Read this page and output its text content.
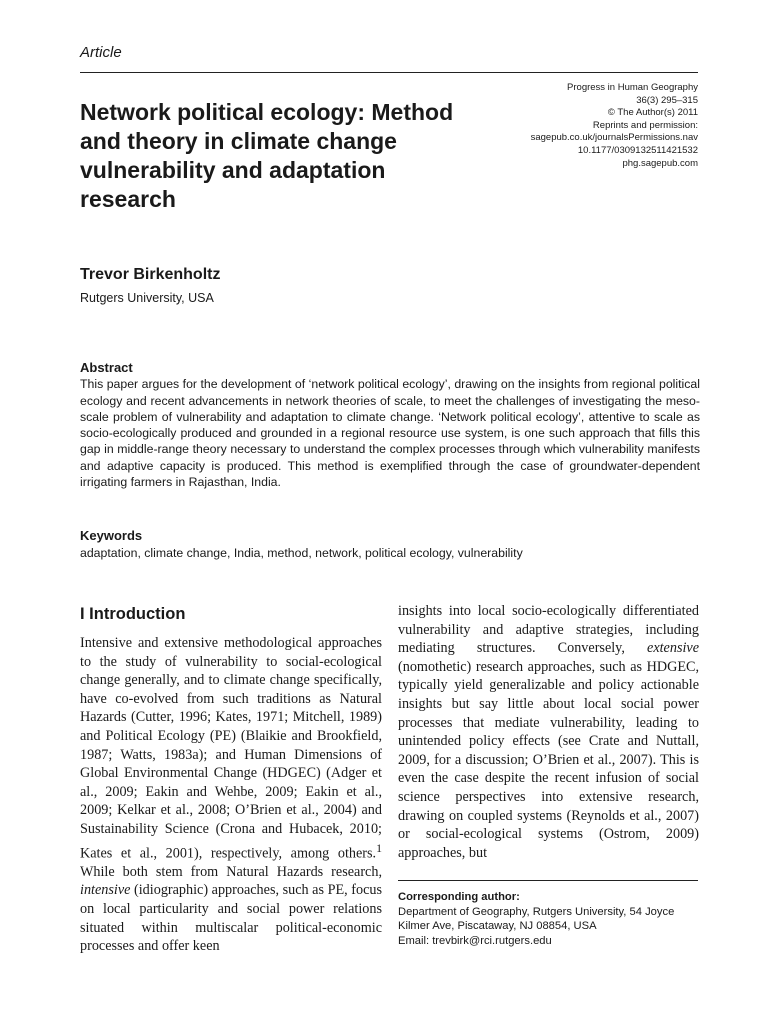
Article
Progress in Human Geography
36(3) 295–315
© The Author(s) 2011
Reprints and permission:
sagepub.co.uk/journalsPermissions.nav
10.1177/0309132511421532
phg.sagepub.com
Network political ecology: Method and theory in climate change vulnerability and adaptation research
Trevor Birkenholtz
Rutgers University, USA
Abstract

This paper argues for the development of ‘network political ecology’, drawing on the insights from regional political ecology and recent advancements in network theories of scale, to meet the challenges of investigating the meso-scale problem of vulnerability and adaptation to climate change. ‘Network political ecology’, attentive to scale as socio-ecologically produced and grounded in a regional resource use system, is one such approach that fills this gap in middle-range theory necessary to understand the complex processes through which vulnerability manifests and adaptive capacity is produced. This method is exemplified through the case of groundwater-dependent irrigating farmers in Rajasthan, India.

Keywords
adaptation, climate change, India, method, network, political ecology, vulnerability
I Introduction

Intensive and extensive methodological approaches to the study of vulnerability to social-ecological change generally, and to climate change specifically, have co-evolved from such traditions as Natural Hazards (Cutter, 1996; Kates, 1971; Mitchell, 1989) and Political Ecology (PE) (Blaikie and Brookfield, 1987; Watts, 1983a); and Human Dimensions of Global Environmental Change (HDGEC) (Adger et al., 2009; Eakin and Wehbe, 2009; Eakin et al., 2009; Kelkar et al., 2008; O’Brien et al., 2004) and Sustainability Science (Crona and Hubacek, 2010; Kates et al., 2001), respectively, among others.$^1$ While both stem from Natural Hazards research, intensive (idiographic) approaches, such as PE, focus on local particularity and social power relations situated within multiscalar political-economic processes and offer keen

insights into local socio-ecologically differentiated vulnerability and adaptive strategies, including mediating structures. Conversely, extensive (nomothetic) research approaches, such as HDGEC, typically yield generalizable and policy actionable insights but say little about local social power processes that mediate vulnerability, leading to unintended policy effects (see Crate and Nuttall, 2009, for a discussion; O’Brien et al., 2007). This is even the case despite the recent infusion of social science perspectives into extensive research, drawing on coupled systems (Reynolds et al., 2007) or social-ecological systems (Ostrom, 2009) approaches, but

Corresponding author:
Department of Geography, Rutgers University, 54 Joyce
Kilmer Ave, Piscataway, NJ 08854, USA
Email: trevbirk@rci.rutgers.edu
